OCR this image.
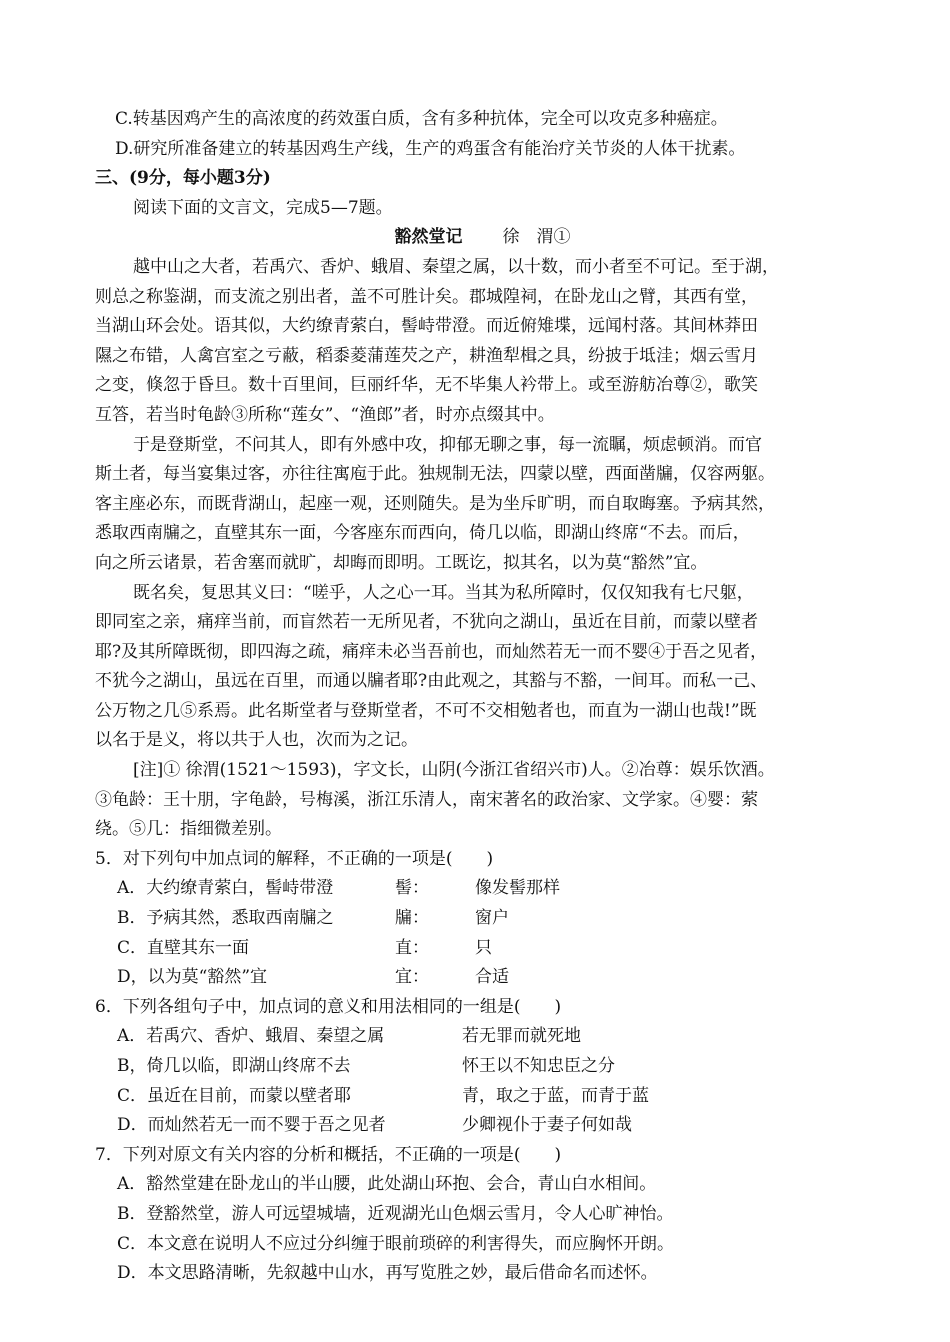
C.转基因鸡产生的高浓度的药效蛋白质，含有多种抗体，完全可以攻克多种癌症。
D.研究所准备建立的转基因鸡生产线，生产的鸡蛋含有能治疗关节炎的人体干扰素。
三、(9分，每小题3分)
阅读下面的文言文，完成5—7题。
豁然堂记 徐　渭①
越中山之大者，若禹穴、香炉、蛾眉、秦望之属，以十数，而小者至不可记。至于湖，
则总之称鉴湖，而支流之别出者，盖不可胜计矣。郡城隍祠，在卧龙山之臂，其西有堂，
当湖山环会处。语其似，大约缭青萦白，髻峙带澄。而近俯雉堞，远闻村落。其间林莽田
隰之布错，人禽宫室之亏蔽，稻黍菱蒲莲芡之产，耕渔犁楫之具，纷披于坻洼；烟云雪月
之变，倏忽于昏旦。数十百里间，巨丽纤华，无不毕集人衿带上。或至游舫冶尊②，歌笑
互答，若当时龟龄③所称“莲女”、“渔郎”者，时亦点缀其中。
于是登斯堂，不问其人，即有外感中攻，抑郁无聊之事，每一流瞩，烦虑顿消。而官
斯土者，每当宴集过客，亦往往寓庖于此。独规制无法，四蒙以壁，西面凿牖，仅容两躯。
客主座必东，而既背湖山，起座一观，还则随失。是为坐斥旷明，而自取晦塞。予病其然，
悉取西南牖之，直壁其东一面，今客座东而西向，倚几以临，即湖山终席“不去。而后，
向之所云诸景，若舍塞而就旷，却晦而即明。工既讫，拟其名，以为莫“豁然”宜。
既名矣，复思其义曰：“嗟乎，人之心一耳。当其为私所障时，仅仅知我有七尺躯，
即同室之亲，痛痒当前，而盲然若一无所见者，不犹向之湖山，虽近在目前，而蒙以壁者
耶?及其所障既彻，即四海之疏，痛痒未必当吾前也，而灿然若无一而不婴④于吾之见者，
不犹今之湖山，虽远在百里，而通以牖者耶?由此观之，其豁与不豁，一间耳。而私一己、
公万物之几⑤系焉。此名斯堂者与登斯堂者，不可不交相勉者也，而直为一湖山也哉!”既
以名于是义，将以共于人也，次而为之记。
[注]① 徐渭(1521～1593)，字文长，山阴(今浙江省绍兴市)人。②冶尊：娱乐饮酒。
③龟龄：王十朋，字龟龄，号梅溪，浙江乐清人，南宋著名的政治家、文学家。④婴：萦
绕。⑤几：指细微差别。
5．对下列句中加点词的解释，不正确的一项是(　　)
A．大约缭青萦白，髻峙带澄	髻：	像发髻那样
B．予病其然，悉取西南牖之	牖：	窗户
C．直壁其东一面	直：	只
D，以为莫“豁然”宜	宜：	合适
6．下列各组句子中，加点词的意义和用法相同的一组是(　　)
A．若禹穴、香炉、蛾眉、秦望之属	若无罪而就死地
B，倚几以临，即湖山终席不去	怀王以不知忠臣之分
C．虽近在目前，而蒙以壁者耶	青，取之于蓝，而青于蓝
D．而灿然若无一而不婴于吾之见者	少卿视仆于妻子何如哉
7．下列对原文有关内容的分析和概括，不正确的一项是(　　)
A．豁然堂建在卧龙山的半山腰，此处湖山环抱、会合，青山白水相间。
B．登豁然堂，游人可远望城墙，近观湖光山色烟云雪月，令人心旷神怡。
C．本文意在说明人不应过分纠缠于眼前琐碎的利害得失，而应胸怀开朗。
D．本文思路清晰，先叙越中山水，再写览胜之妙，最后借命名而述怀。
